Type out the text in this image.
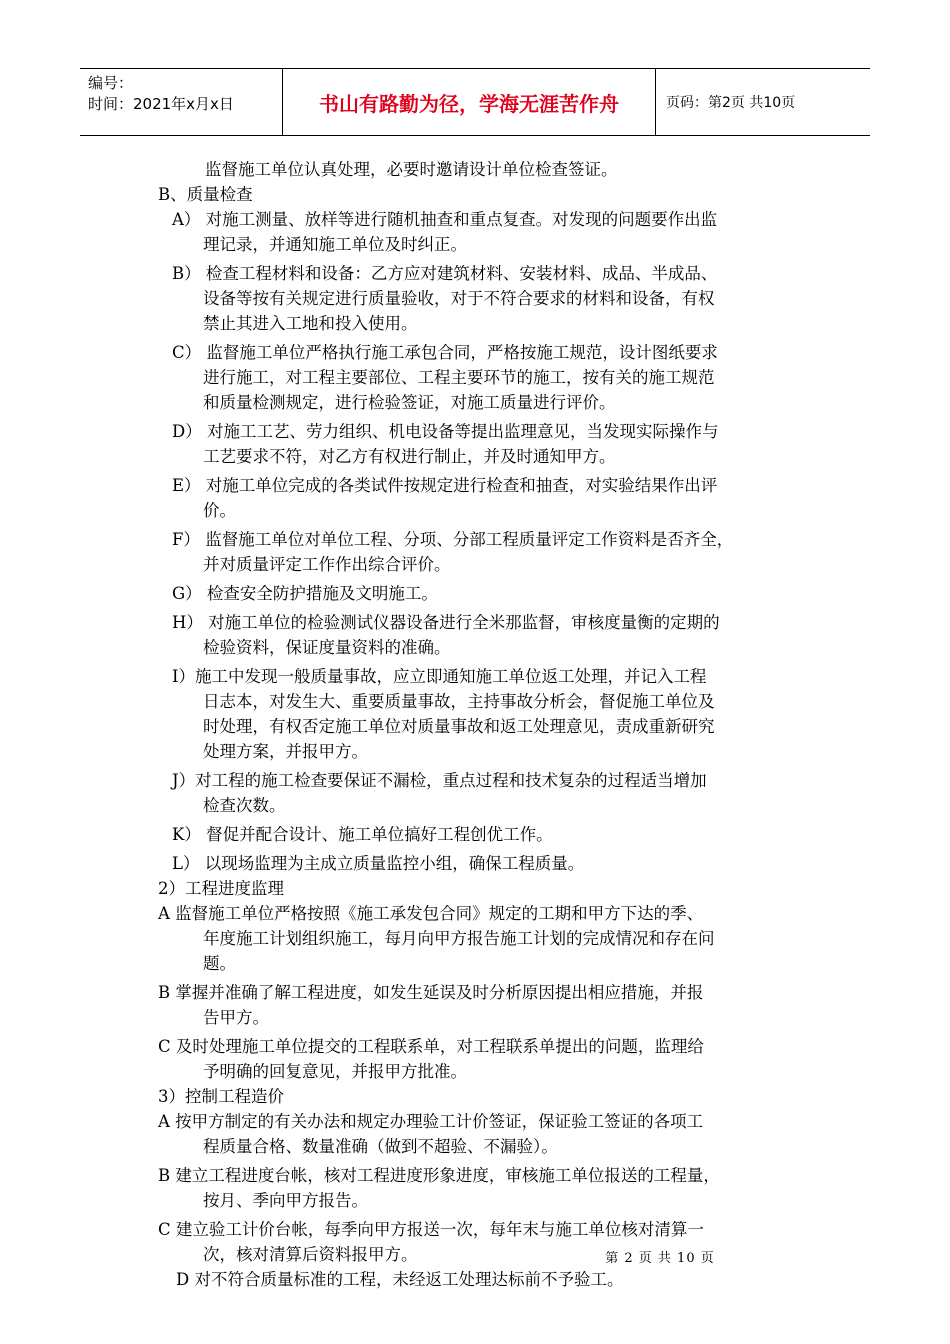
编号：
时间：2021年x月x日	书山有路勤为径，学海无涯苦作舟	页码：第2页 共10页
监督施工单位认真处理，必要时邀请设计单位检查签证。
B、质量检查
A） 对施工测量、放样等进行随机抽查和重点复查。对发现的问题要作出监
理记录，并通知施工单位及时纠正。
B） 检查工程材料和设备：乙方应对建筑材料、安装材料、成品、半成品、
设备等按有关规定进行质量验收，对于不符合要求的材料和设备，有权
禁止其进入工地和投入使用。
C） 监督施工单位严格执行施工承包合同，严格按施工规范，设计图纸要求
进行施工，对工程主要部位、工程主要环节的施工，按有关的施工规范
和质量检测规定，进行检验签证，对施工质量进行评价。
D） 对施工工艺、劳力组织、机电设备等提出监理意见，当发现实际操作与
工艺要求不符，对乙方有权进行制止，并及时通知甲方。
E） 对施工单位完成的各类试件按规定进行检查和抽查，对实验结果作出评
价。
F） 监督施工单位对单位工程、分项、分部工程质量评定工作资料是否齐全，
并对质量评定工作作出综合评价。
G） 检查安全防护措施及文明施工。
H） 对施工单位的检验测试仪器设备进行全米那监督，审核度量衡的定期的
检验资料，保证度量资料的准确。
I）施工中发现一般质量事故，应立即通知施工单位返工处理，并记入工程
日志本，对发生大、重要质量事故，主持事故分析会，督促施工单位及
时处理，有权否定施工单位对质量事故和返工处理意见，责成重新研究
处理方案，并报甲方。
J）对工程的施工检查要保证不漏检，重点过程和技术复杂的过程适当增加
检查次数。
K） 督促并配合设计、施工单位搞好工程创优工作。
L） 以现场监理为主成立质量监控小组，确保工程质量。
2）工程进度监理
A 监督施工单位严格按照《施工承发包合同》规定的工期和甲方下达的季、
年度施工计划组织施工，每月向甲方报告施工计划的完成情况和存在问
题。
B 掌握并准确了解工程进度，如发生延误及时分析原因提出相应措施，并报
告甲方。
C 及时处理施工单位提交的工程联系单，对工程联系单提出的问题，监理给
予明确的回复意见，并报甲方批准。
3）控制工程造价
A 按甲方制定的有关办法和规定办理验工计价签证，保证验工签证的各项工
程质量合格、数量准确（做到不超验、不漏验）。
B 建立工程进度台帐，核对工程进度形象进度，审核施工单位报送的工程量，
按月、季向甲方报告。
C 建立验工计价台帐，每季向甲方报送一次，每年末与施工单位核对清算一
次，核对清算后资料报甲方。
D 对不符合质量标准的工程，未经返工处理达标前不予验工。
第 2 页 共 10 页
